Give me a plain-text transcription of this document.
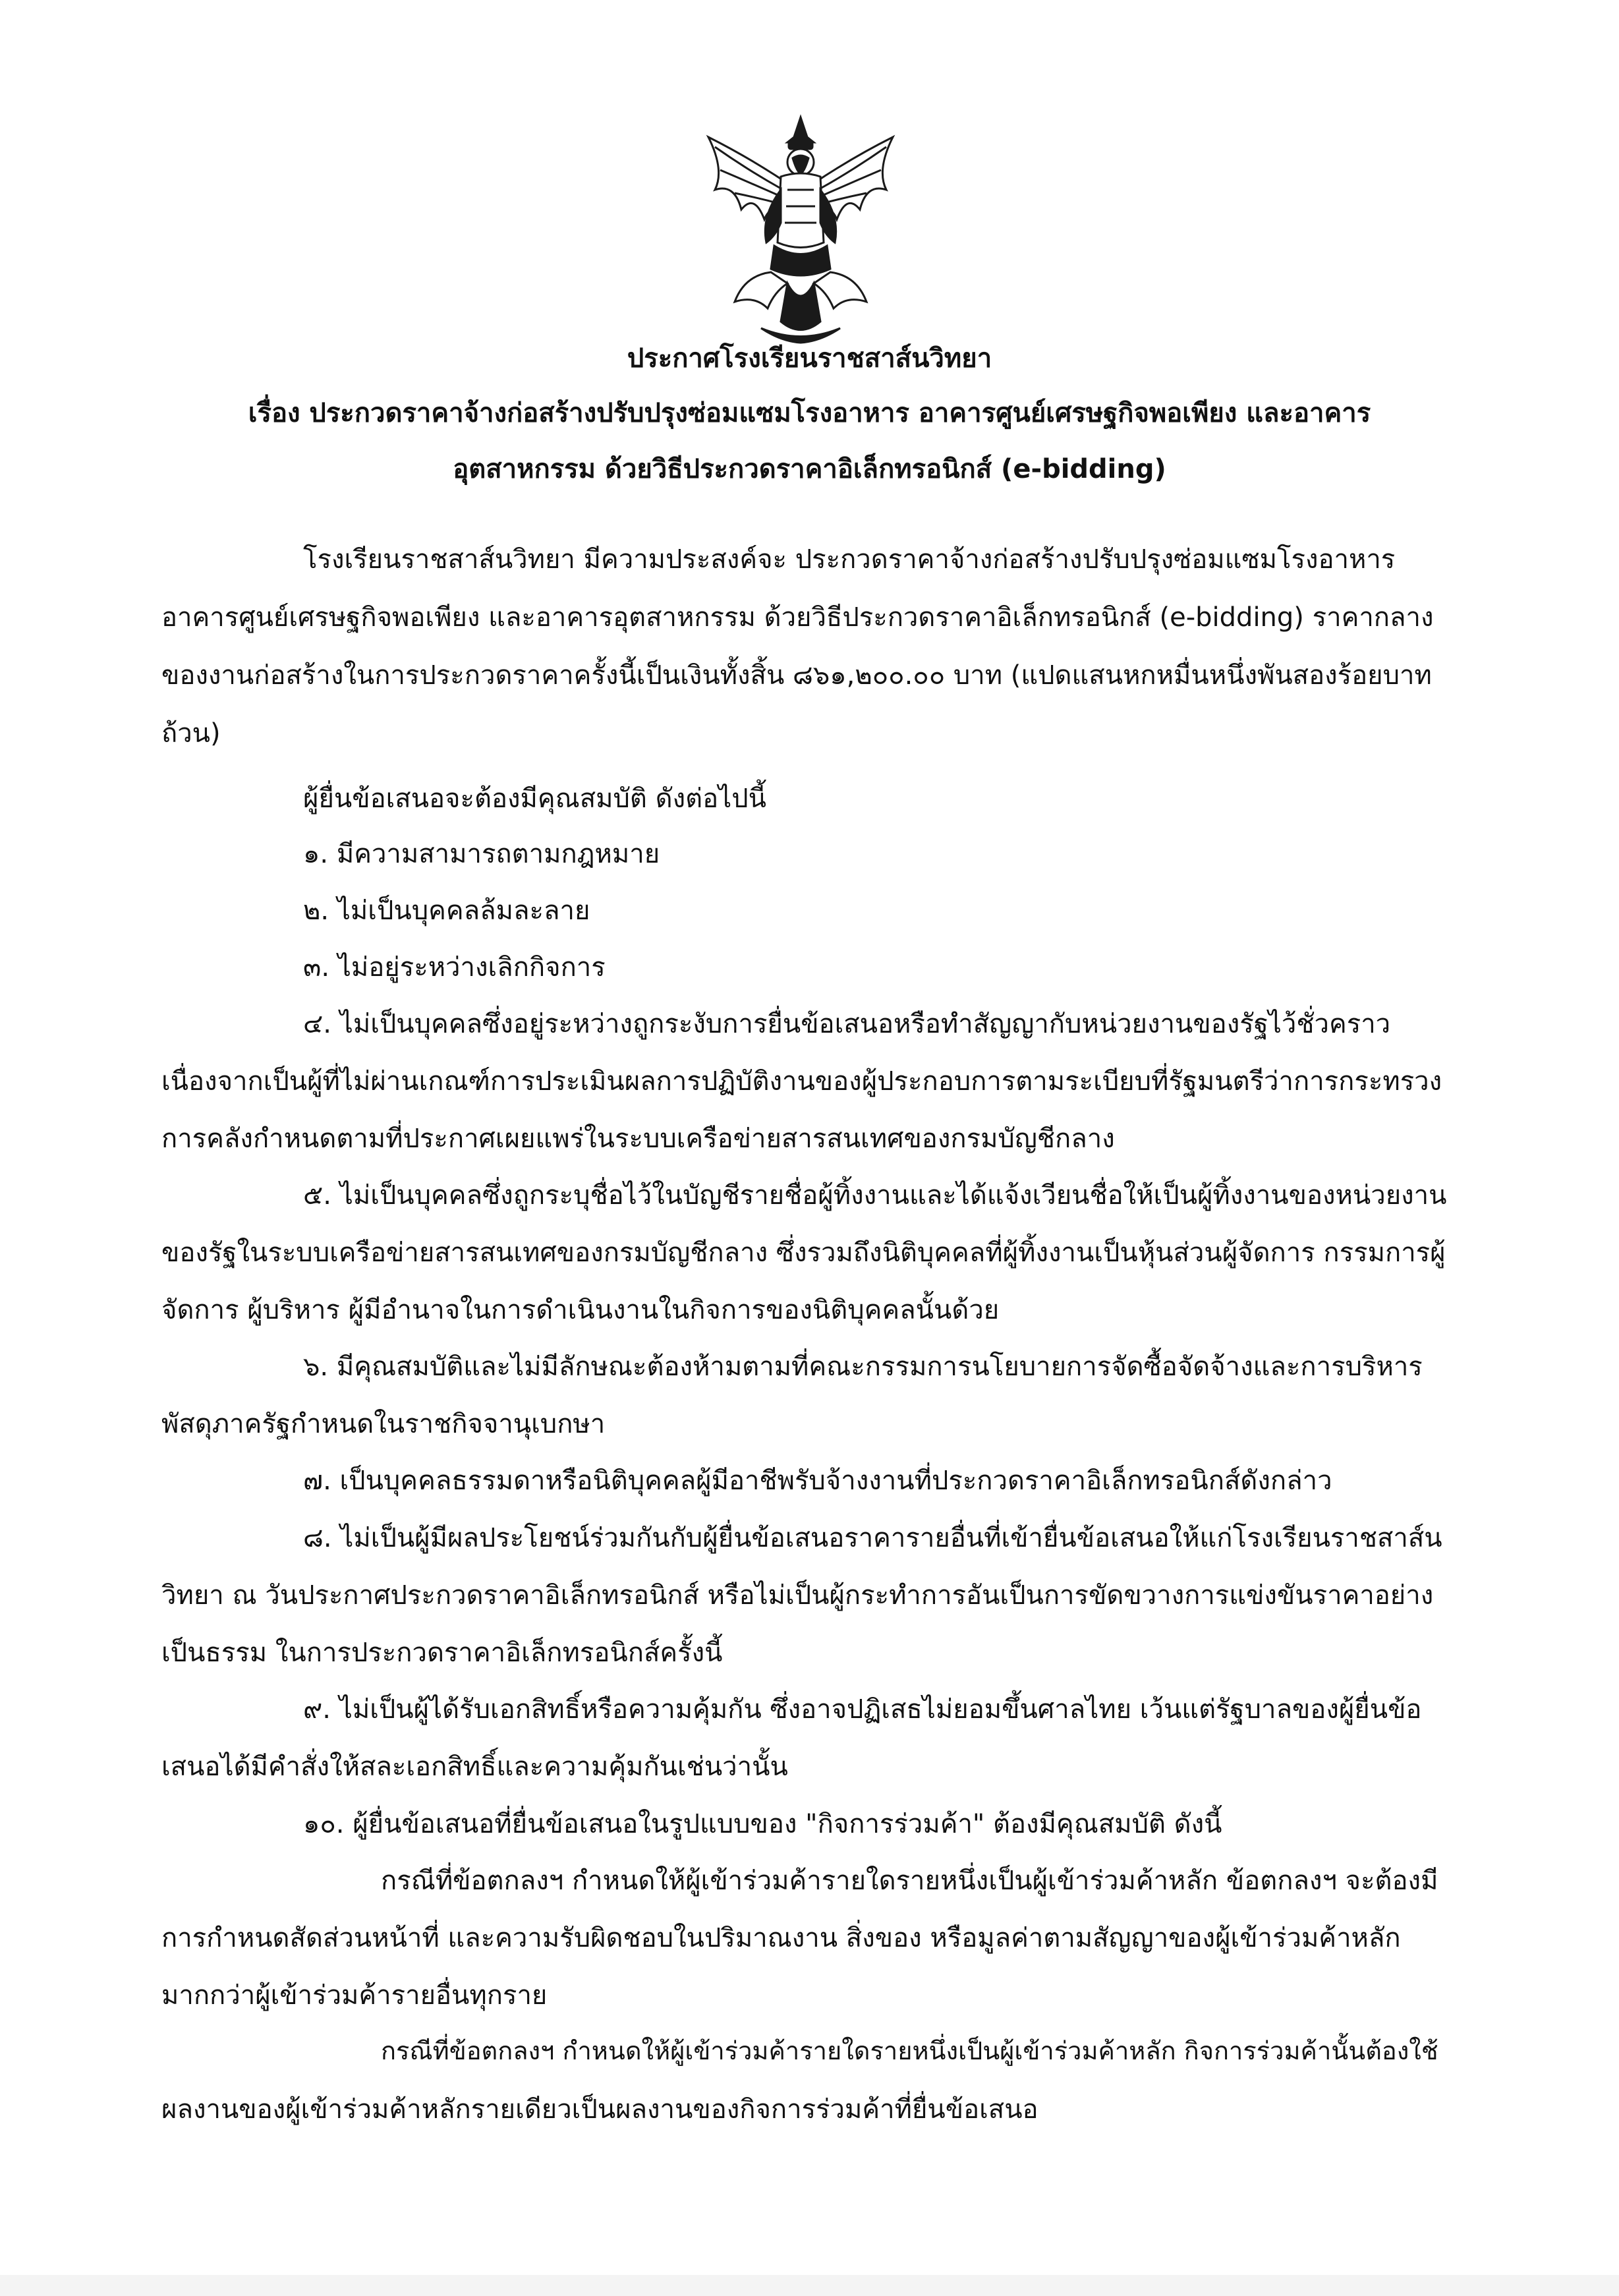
ประกาศโรงเรียนราชสาส์นวิทยา
เรื่อง ประกวดราคาจ้างก่อสร้างปรับปรุงซ่อมแซมโรงอาหาร อาคารศูนย์เศรษฐกิจพอเพียง และอาคาร
อุตสาหกรรม ด้วยวิธีประกวดราคาอิเล็กทรอนิกส์ (e-bidding)
โรงเรียนราชสาส์นวิทยา มีความประสงค์จะ ประกวดราคาจ้างก่อสร้างปรับปรุงซ่อมแซมโรงอาหาร
อาคารศูนย์เศรษฐกิจพอเพียง และอาคารอุตสาหกรรม ด้วยวิธีประกวดราคาอิเล็กทรอนิกส์ (e-bidding) ราคากลาง
ของงานก่อสร้างในการประกวดราคาครั้งนี้เป็นเงินทั้งสิ้น ๘๖๑,๒๐๐.๐๐ บาท (แปดแสนหกหมื่นหนึ่งพันสองร้อยบาท
ถ้วน)
ผู้ยื่นข้อเสนอจะต้องมีคุณสมบัติ ดังต่อไปนี้
๑. มีความสามารถตามกฎหมาย
๒. ไม่เป็นบุคคลล้มละลาย
๓. ไม่อยู่ระหว่างเลิกกิจการ
๔. ไม่เป็นบุคคลซึ่งอยู่ระหว่างถูกระงับการยื่นข้อเสนอหรือทำสัญญากับหน่วยงานของรัฐไว้ชั่วคราว
เนื่องจากเป็นผู้ที่ไม่ผ่านเกณฑ์การประเมินผลการปฏิบัติงานของผู้ประกอบการตามระเบียบที่รัฐมนตรีว่าการกระทรวง
การคลังกำหนดตามที่ประกาศเผยแพร่ในระบบเครือข่ายสารสนเทศของกรมบัญชีกลาง
๕. ไม่เป็นบุคคลซึ่งถูกระบุชื่อไว้ในบัญชีรายชื่อผู้ทิ้งงานและได้แจ้งเวียนชื่อให้เป็นผู้ทิ้งงานของหน่วยงาน
ของรัฐในระบบเครือข่ายสารสนเทศของกรมบัญชีกลาง ซึ่งรวมถึงนิติบุคคลที่ผู้ทิ้งงานเป็นหุ้นส่วนผู้จัดการ กรรมการผู้
จัดการ ผู้บริหาร ผู้มีอำนาจในการดำเนินงานในกิจการของนิติบุคคลนั้นด้วย
๖. มีคุณสมบัติและไม่มีลักษณะต้องห้ามตามที่คณะกรรมการนโยบายการจัดซื้อจัดจ้างและการบริหาร
พัสดุภาครัฐกำหนดในราชกิจจานุเบกษา
๗. เป็นบุคคลธรรมดาหรือนิติบุคคลผู้มีอาชีพรับจ้างงานที่ประกวดราคาอิเล็กทรอนิกส์ดังกล่าว
๘. ไม่เป็นผู้มีผลประโยชน์ร่วมกันกับผู้ยื่นข้อเสนอราคารายอื่นที่เข้ายื่นข้อเสนอให้แก่โรงเรียนราชสาส์น
วิทยา ณ วันประกาศประกวดราคาอิเล็กทรอนิกส์ หรือไม่เป็นผู้กระทำการอันเป็นการขัดขวางการแข่งขันราคาอย่าง
เป็นธรรม ในการประกวดราคาอิเล็กทรอนิกส์ครั้งนี้
๙. ไม่เป็นผู้ได้รับเอกสิทธิ์หรือความคุ้มกัน ซึ่งอาจปฏิเสธไม่ยอมขึ้นศาลไทย เว้นแต่รัฐบาลของผู้ยื่นข้อ
เสนอได้มีคำสั่งให้สละเอกสิทธิ์และความคุ้มกันเช่นว่านั้น
๑๐. ผู้ยื่นข้อเสนอที่ยื่นข้อเสนอในรูปแบบของ "กิจการร่วมค้า" ต้องมีคุณสมบัติ ดังนี้
กรณีที่ข้อตกลงฯ กำหนดให้ผู้เข้าร่วมค้ารายใดรายหนึ่งเป็นผู้เข้าร่วมค้าหลัก ข้อตกลงฯ จะต้องมี
การกำหนดสัดส่วนหน้าที่ และความรับผิดชอบในปริมาณงาน สิ่งของ หรือมูลค่าตามสัญญาของผู้เข้าร่วมค้าหลัก
มากกว่าผู้เข้าร่วมค้ารายอื่นทุกราย
กรณีที่ข้อตกลงฯ กำหนดให้ผู้เข้าร่วมค้ารายใดรายหนึ่งเป็นผู้เข้าร่วมค้าหลัก กิจการร่วมค้านั้นต้องใช้
ผลงานของผู้เข้าร่วมค้าหลักรายเดียวเป็นผลงานของกิจการร่วมค้าที่ยื่นข้อเสนอ
